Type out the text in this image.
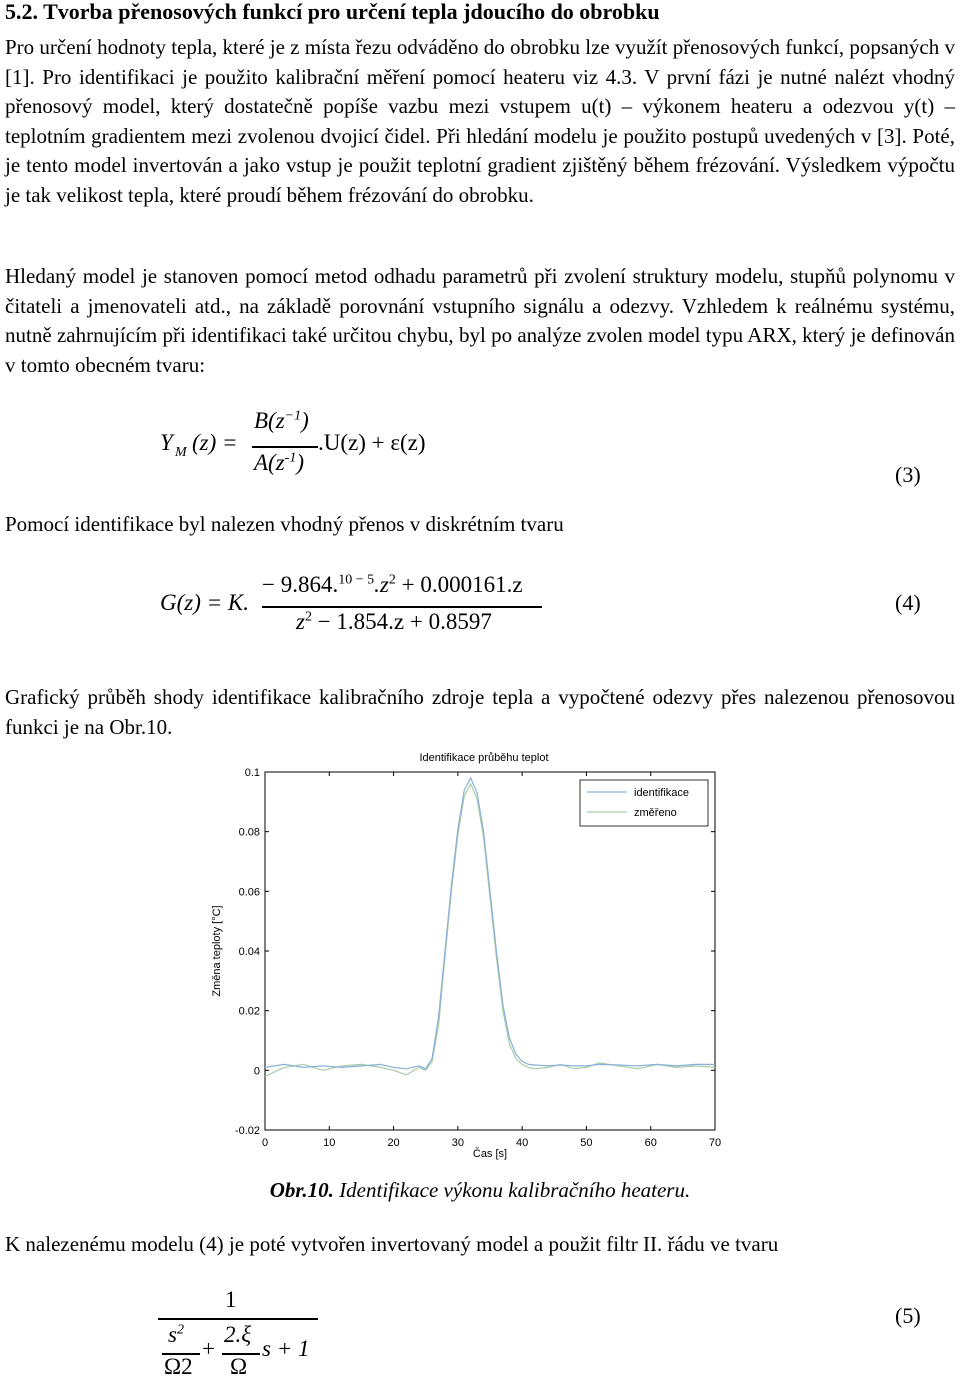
5.2. Tvorba přenosových funkcí pro určení tepla jdoucího do obrobku

Pro určení hodnoty tepla, které je z místa řezu odváděno do obrobku lze využít přenosových funkcí, popsaných v [1]. Pro identifikaci je použito kalibrační měření pomocí heateru viz 4.3. V první fázi je nutné nalézt vhodný přenosový model, který dostatečně popíše vazbu mezi vstupem u(t) – výkonem heateru a odezvou y(t) – teplotním gradientem mezi zvolenou dvojicí čidel. Při hledání modelu je použito postupů uvedených v [3]. Poté, je tento model invertován a jako vstup je použit teplotní gradient zjištěný během frézování. Výsledkem výpočtu je tak velikost tepla, které proudí během frézování do obrobku.

Hledaný model je stanoven pomocí metod odhadu parametrů při zvolení struktury modelu, stupňů polynomu v čitateli a jmenovateli atd., na základě porovnání vstupního signálu a odezvy. Vzhledem k reálnému systému, nutně zahrnujícím při identifikaci také určitou chybu, byl po analýze zvolen model typu ARX, který je definován v tomto obecném tvaru:

Y M (z) =
$B(z^{-1})$
$A(z^{-1})$
.U(z) + ε(z)
(3)

Pomocí identifikace byl nalezen vhodný přenos v diskrétním tvaru

G(z) = K.
− $9.864.^{10 - 5}.z^2 + 0.000161.z$
$z^2 - 1.854.z + 0.8597$
(4)

Grafický průběh shody identifikace kalibračního zdroje tepla a vypočtené odezvy přes nalezenou přenosovou funkci je na Obr.10.

Identifikace průběhu teplot
-0.02
0
0.02
0.04
0.06
0.08
0.1
0	10	20	30	40	50	60	70
Změna teploty [°C]
Čas [s]
identifikace
změřeno
Obr.10. Identifikace výkonu kalibračního heateru.

K nalezenému modelu (4) je poté vytvořen invertovaný model a použit filtr II. řádu ve tvaru

1
$s^2$
Ω2
+
2.ξ
Ω
s + 1
(5)
